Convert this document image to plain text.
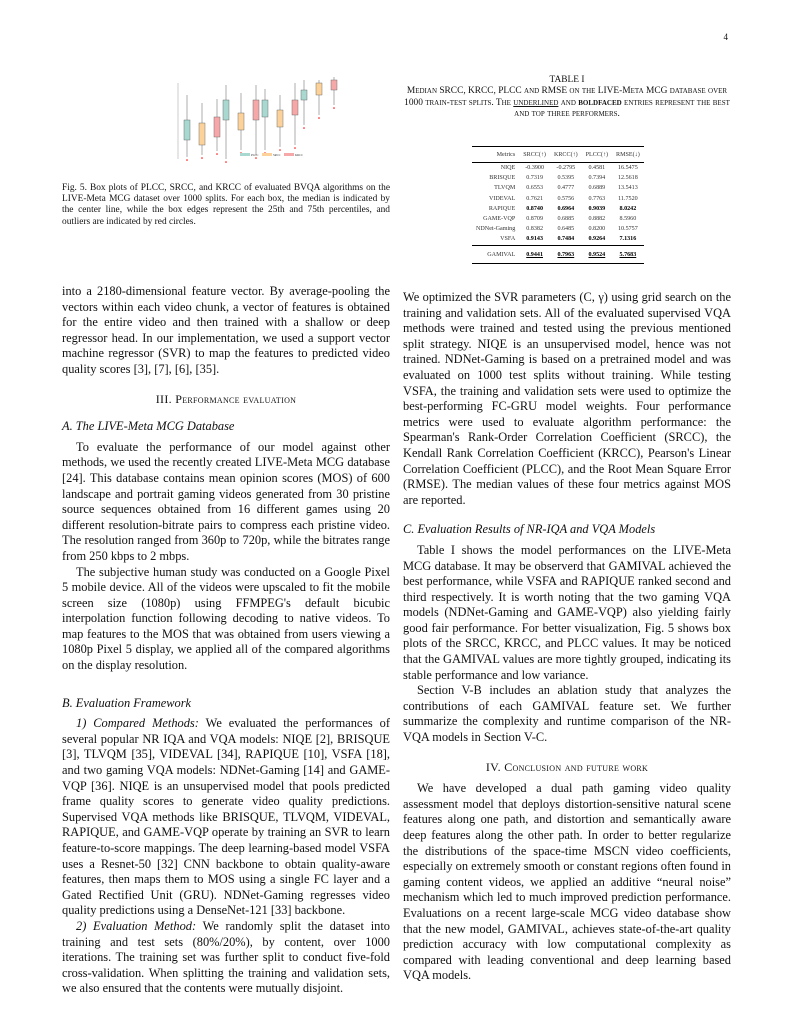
4
PLCC	SRCC	KRCC
Fig. 5. Box plots of PLCC, SRCC, and KRCC of evaluated BVQA algorithms on the LIVE-Meta MCG dataset over 1000 splits. For each box, the median is indicated by the center line, while the box edges represent the 25th and 75th percentiles, and outliers are indicated by red circles.
TABLE I
Median SRCC, KRCC, PLCC and RMSE on the LIVE-Meta MCG database over 1000 train-test splits. The underlined and boldfaced entries represent the best and top three performers.
Metrics	SRCC(↑)	KRCC(↑)	PLCC(↑)	RMSE(↓)
NIQE	-0.3900	-0.2795	0.4581	16.5475
BRISQUE	0.7319	0.5395	0.7394	12.5618
TLVQM	0.6553	0.4777	0.6889	13.5413
VIDEVAL	0.7621	0.5756	0.7763	11.7520
RAPIQUE	0.8740	0.6964	0.9039	8.0242
GAME-VQP	0.8709	0.6885	0.8882	8.5960
NDNet-Gaming	0.8382	0.6485	0.8200	10.5757
VSFA	0.9143	0.7484	0.9264	7.1316
GAMIVAL	0.9441	0.7963	0.9524	5.7683

into a 2180-dimensional feature vector. By average-pooling the vectors within each video chunk, a vector of features is obtained for the entire video and then trained with a shallow or deep regressor head. In our implementation, we used a support vector machine regressor (SVR) to map the features to predicted video quality scores [3], [7], [6], [35].

III. Performance evaluation
A. The LIVE-Meta MCG Database

To evaluate the performance of our model against other methods, we used the recently created LIVE-Meta MCG database [24]. This database contains mean opinion scores (MOS) of 600 landscape and portrait gaming videos generated from 30 pristine source sequences obtained from 16 different games using 20 different resolution-bitrate pairs to compress each pristine video. The resolution ranged from 360p to 720p, while the bitrates range from 250 kbps to 2 mbps.

The subjective human study was conducted on a Google Pixel 5 mobile device. All of the videos were upscaled to fit the mobile screen size (1080p) using FFMPEG's default bicubic interpolation function following decoding to native videos. To map features to the MOS that was obtained from users viewing a 1080p Pixel 5 display, we applied all of the compared algorithms on the display resolution.

B. Evaluation Framework

1) Compared Methods: We evaluated the performances of several popular NR IQA and VQA models: NIQE [2], BRISQUE [3], TLVQM [35], VIDEVAL [34], RAPIQUE [10], VSFA [18], and two gaming VQA models: NDNet-Gaming [14] and GAME-VQP [36]. NIQE is an unsupervised model that pools predicted frame quality scores to generate video quality predictions. Supervised VQA methods like BRISQUE, TLVQM, VIDEVAL, RAPIQUE, and GAME-VQP operate by training an SVR to learn feature-to-score mappings. The deep learning-based model VSFA uses a Resnet-50 [32] CNN backbone to obtain quality-aware features, then maps them to MOS using a single FC layer and a Gated Rectified Unit (GRU). NDNet-Gaming regresses video quality predictions using a DenseNet-121 [33] backbone.

2) Evaluation Method: We randomly split the dataset into training and test sets (80%/20%), by content, over 1000 iterations. The training set was further split to conduct five-fold cross-validation. When splitting the training and validation sets, we also ensured that the contents were mutually disjoint.

We optimized the SVR parameters (C, γ) using grid search on the training and validation sets. All of the evaluated supervised VQA methods were trained and tested using the previous mentioned split strategy. NIQE is an unsupervised model, hence was not trained. NDNet-Gaming is based on a pretrained model and was evaluated on 1000 test splits without training. While testing VSFA, the training and validation sets were used to optimize the best-performing FC-GRU model weights. Four performance metrics were used to evaluate algorithm performance: the Spearman's Rank-Order Correlation Coefficient (SRCC), the Kendall Rank Correlation Coefficient (KRCC), Pearson's Linear Correlation Coefficient (PLCC), and the Root Mean Square Error (RMSE). The median values of these four metrics against MOS are reported.

C. Evaluation Results of NR-IQA and VQA Models

Table I shows the model performances on the LIVE-Meta MCG database. It may be observerd that GAMIVAL achieved the best performance, while VSFA and RAPIQUE ranked second and third respectively. It is worth noting that the two gaming VQA models (NDNet-Gaming and GAME-VQP) also yielding fairly good fair performance. For better visualization, Fig. 5 shows box plots of the SRCC, KRCC, and PLCC values. It may be noticed that the GAMIVAL values are more tightly grouped, indicating its stable performance and low variance.

Section V-B includes an ablation study that analyzes the contributions of each GAMIVAL feature set. We further summarize the complexity and runtime comparison of the NR-VQA models in Section V-C.

IV. Conclusion and future work

We have developed a dual path gaming video quality assessment model that deploys distortion-sensitive natural scene features along one path, and distortion and semantically aware deep features along the other path. In order to better regularize the distributions of the space-time MSCN video coefficients, especially on extremely smooth or constant regions often found in gaming content videos, we applied an additive “neural noise” mechanism which led to much improved prediction performance. Evaluations on a recent large-scale MCG video database show that the new model, GAMIVAL, achieves state-of-the-art quality prediction accuracy with low computational complexity as compared with leading conventional and deep learning based VQA models.
